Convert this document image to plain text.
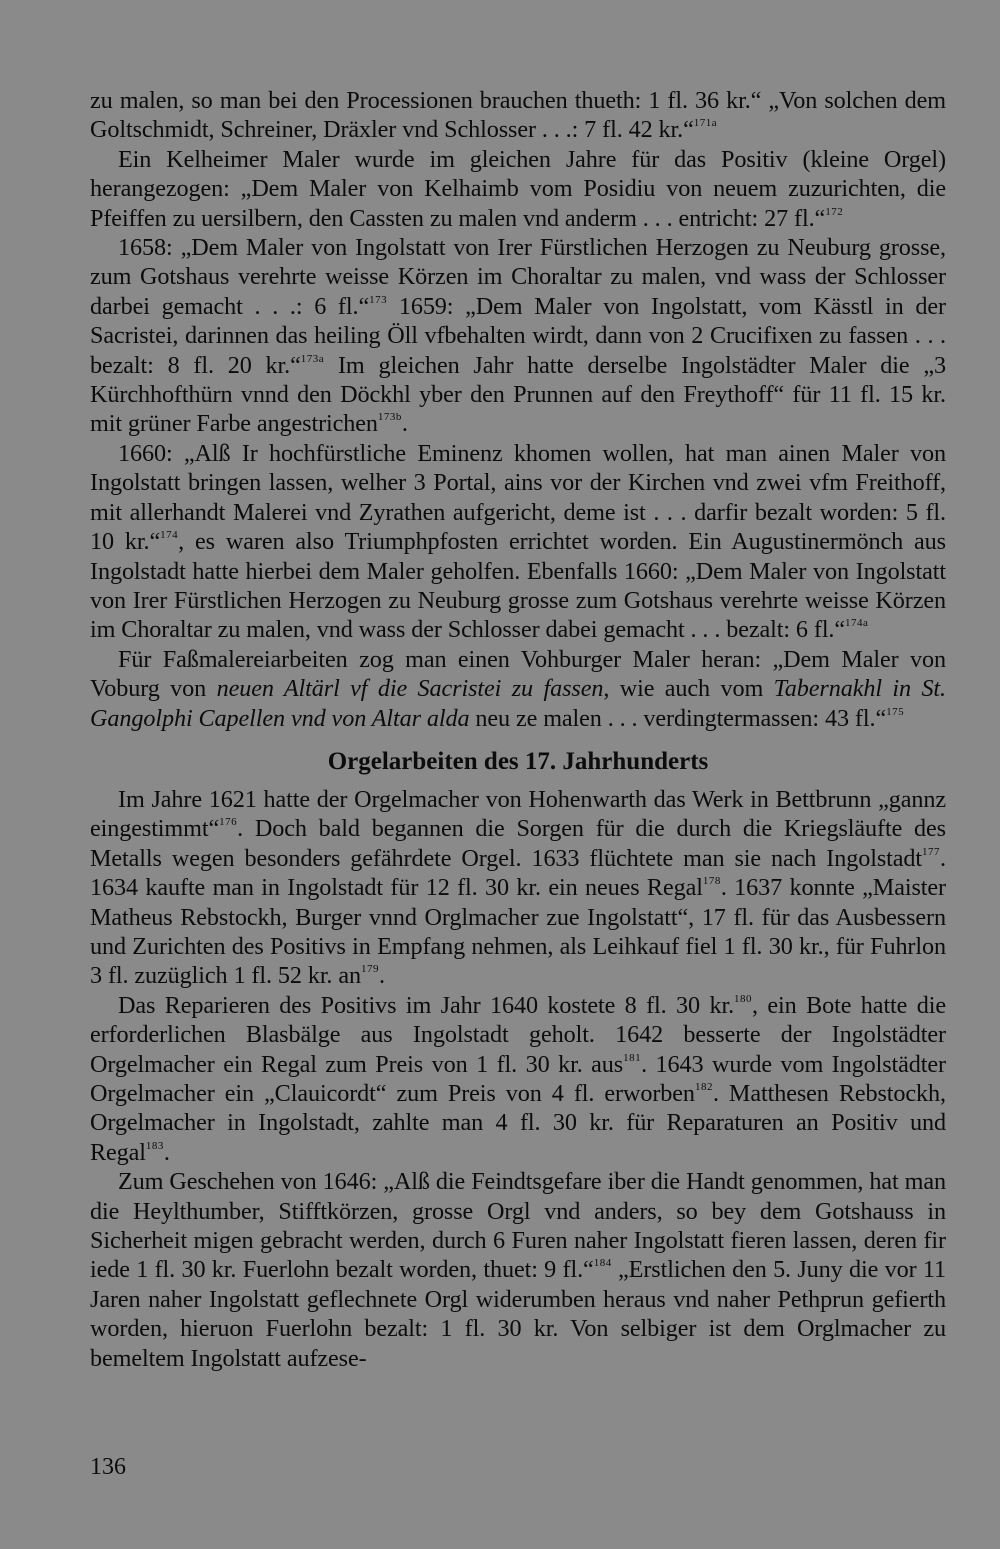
zu malen, so man bei den Processionen brauchen thueth: 1 fl. 36 kr.“ „Von solchen dem Goltschmidt, Schreiner, Dräxler vnd Schlosser . . .: 7 fl. 42 kr.“$^{171a}$

Ein Kelheimer Maler wurde im gleichen Jahre für das Positiv (kleine Orgel) herangezogen: „Dem Maler von Kelhaimb vom Posidiu von neuem zuzurichten, die Pfeiffen zu uersilbern, den Cassten zu malen vnd anderm . . . entricht: 27 fl.“$^{172}$

1658: „Dem Maler von Ingolstatt von Irer Fürstlichen Herzogen zu Neuburg grosse, zum Gotshaus verehrte weisse Körzen im Choraltar zu malen, vnd wass der Schlosser darbei gemacht . . .: 6 fl.“$^{173}$ 1659: „Dem Maler von Ingolstatt, vom Kässtl in der Sacristei, darinnen das heiling Öll vfbehalten wirdt, dann von 2 Crucifixen zu fassen . . . bezalt: 8 fl. 20 kr.“$^{173a}$ Im gleichen Jahr hatte derselbe Ingolstädter Maler die „3 Kürchhofthürn vnnd den Döckhl yber den Prunnen auf den Freythoff“ für 11 fl. 15 kr. mit grüner Farbe angestrichen$^{173b}$.

1660: „Alß Ir hochfürstliche Eminenz khomen wollen, hat man ainen Maler von Ingolstatt bringen lassen, welher 3 Portal, ains vor der Kirchen vnd zwei vfm Freithoff, mit allerhandt Malerei vnd Zyrathen aufgericht, deme ist . . . darfir bezalt worden: 5 fl. 10 kr.“$^{174}$, es waren also Triumphpfosten errichtet worden. Ein Augustinermönch aus Ingolstadt hatte hierbei dem Maler geholfen. Ebenfalls 1660: „Dem Maler von Ingolstatt von Irer Fürstlichen Herzogen zu Neuburg grosse zum Gotshaus verehrte weisse Körzen im Choraltar zu malen, vnd wass der Schlosser dabei gemacht . . . bezalt: 6 fl.“$^{174a}$

Für Faßmalereiarbeiten zog man einen Vohburger Maler heran: „Dem Maler von Voburg von neuen Altärl vf die Sacristei zu fassen, wie auch vom Tabernakhl in St. Gangolphi Capellen vnd von Altar alda neu ze malen . . . verdingtermassen: 43 fl.“$^{175}$

Orgelarbeiten des 17. Jahrhunderts

Im Jahre 1621 hatte der Orgelmacher von Hohenwarth das Werk in Bettbrunn „gannz eingestimmt“$^{176}$. Doch bald begannen die Sorgen für die durch die Kriegsläufte des Metalls wegen besonders gefährdete Orgel. 1633 flüchtete man sie nach Ingolstadt$^{177}$. 1634 kaufte man in Ingolstadt für 12 fl. 30 kr. ein neues Regal$^{178}$. 1637 konnte „Maister Matheus Rebstockh, Burger vnnd Orglmacher zue Ingolstatt“, 17 fl. für das Ausbessern und Zurichten des Positivs in Empfang nehmen, als Leihkauf fiel 1 fl. 30 kr., für Fuhrlon 3 fl. zuzüglich 1 fl. 52 kr. $an^{179}$.

Das Reparieren des Positivs im Jahr 1640 kostete 8 fl. 30 kr.$^{180}$, ein Bote hatte die erforderlichen Blasbälge aus Ingolstadt geholt. 1642 besserte der Ingolstädter Orgelmacher ein Regal zum Preis von 1 fl. 30 kr. aus$^{181}$. 1643 wurde vom Ingolstädter Orgelmacher ein „Clauicordt“ zum Preis von 4 fl. erworben$^{182}$. Matthesen Rebstockh, Orgelmacher in Ingolstadt, zahlte man 4 fl. 30 kr. für Reparaturen an Positiv und Regal$^{183}$.

Zum Geschehen von 1646: „Alß die Feindtsgefare iber die Handt genommen, hat man die Heylthumber, Stifftkörzen, grosse Orgl vnd anders, so bey dem Gotshauss in Sicherheit migen gebracht werden, durch 6 Furen naher Ingolstatt fieren lassen, deren fir iede 1 fl. 30 kr. Fuerlohn bezalt worden, thuet: 9 fl.“$^{184}$ „Erstlichen den 5. Juny die vor 11 Jaren naher Ingolstatt geflechnete Orgl widerumben heraus vnd naher Pethprun gefierth worden, hieruon Fuerlohn bezalt: 1 fl. 30 kr. Von selbiger ist dem Orglmacher zu bemeltem Ingolstatt aufzese-

136
